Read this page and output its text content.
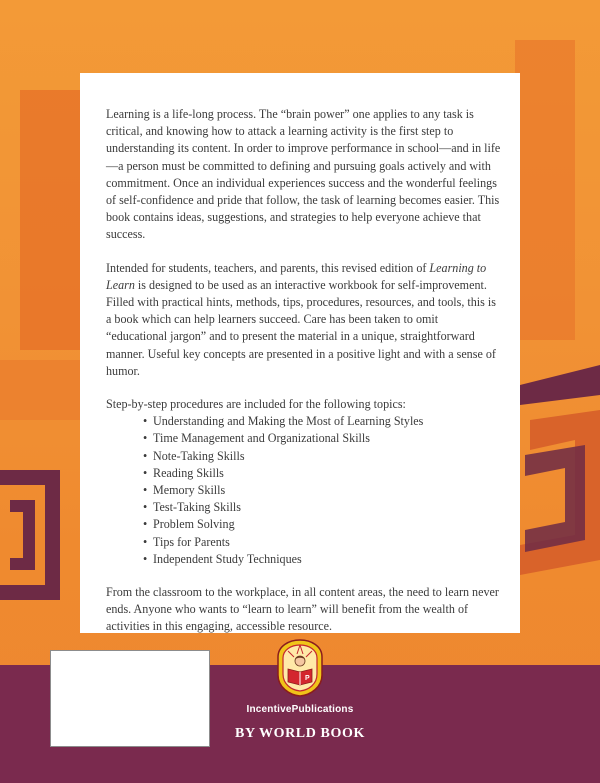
Learning is a life-long process. The “brain power” one applies to any task is critical, and knowing how to attack a learning activity is the first step to understanding its content. In order to improve performance in school—and in life—a person must be committed to defining and pursuing goals actively and with commitment. Once an individual experiences success and the wonderful feelings of self-confidence and pride that follow, the task of learning becomes easier. This book contains ideas, suggestions, and strategies to help everyone achieve that success.

Intended for students, teachers, and parents, this revised edition of Learning to Learn is designed to be used as an interactive workbook for self-improvement. Filled with practical hints, methods, tips, procedures, resources, and tools, this is a book which can help learners succeed. Care has been taken to omit “educational jargon” and to present the material in a unique, straightforward manner. Useful key concepts are presented in a positive light and with a sense of humor.

Step-by-step procedures are included for the following topics:

• Understanding and Making the Most of Learning Styles
• Time Management and Organizational Skills
• Note-Taking Skills
• Reading Skills
• Memory Skills
• Test-Taking Skills
• Problem Solving
• Tips for Parents
• Independent Study Techniques

From the classroom to the workplace, in all content areas, the need to learn never ends. Anyone who wants to “learn to learn” will benefit from the wealth of activities in this engaging, accessible resource.

P
IncentivePublications
BY WORLD BOOK
